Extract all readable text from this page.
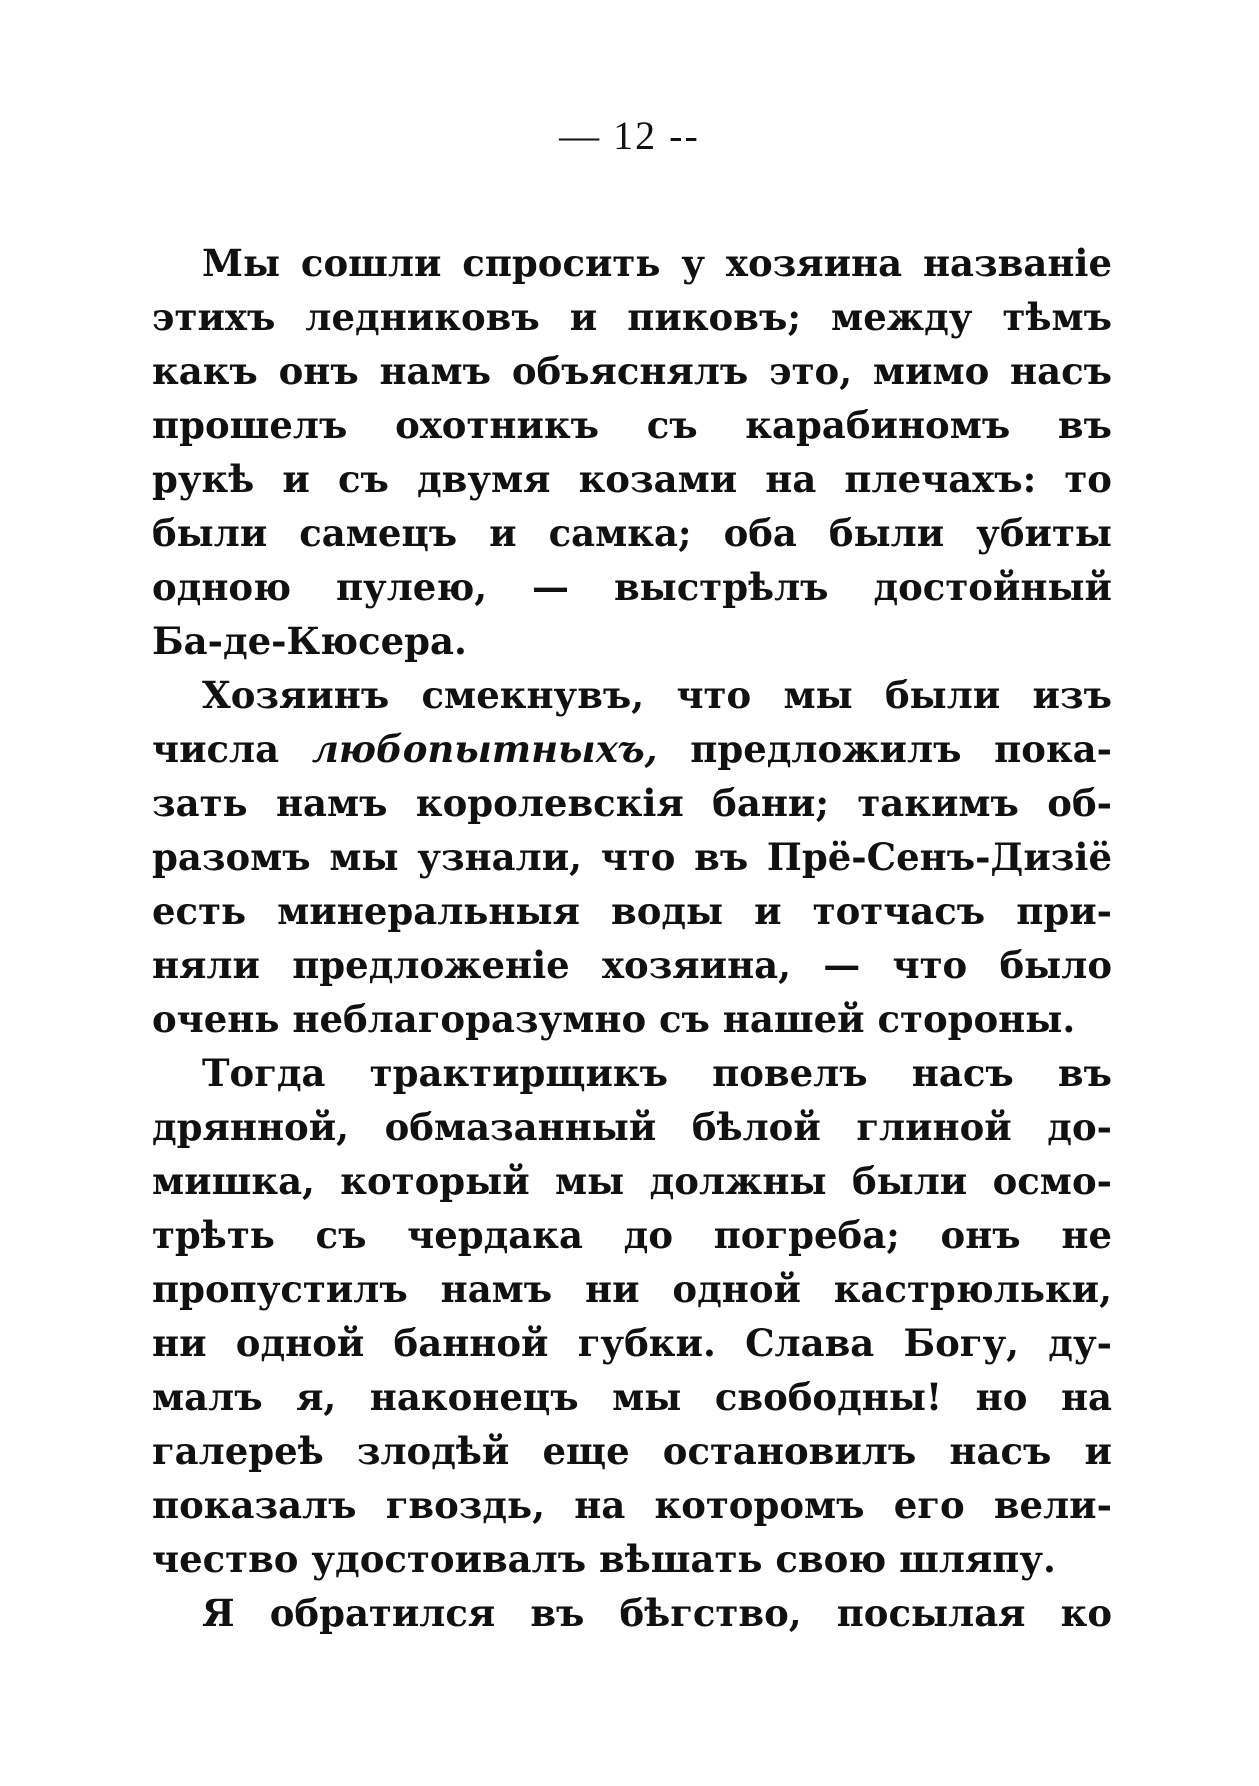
— 12 --
Мы сошли спросить у хозяина названіе
этихъ ледниковъ и пиковъ; между тѣмъ
какъ онъ намъ объяснялъ это, мимо насъ
прошелъ охотникъ съ карабиномъ въ
рукѣ и съ двумя козами на плечахъ: то
были самецъ и самка; оба были убиты
одною пулею, — выстрѣлъ достойный
Ба-де-Кюсера.
Хозяинъ смекнувъ, что мы были изъ
числа любопытныхъ, предложилъ пока-
зать намъ королевскія бани; такимъ об-
разомъ мы узнали, что въ Прё-Сенъ-Дизіё
есть минеральныя воды и тотчасъ при-
няли предложеніе хозяина, — что было
очень неблагоразумно съ нашей стороны.
Тогда трактирщикъ повелъ насъ въ
дрянной, обмазанный бѣлой глиной до-
мишка, который мы должны были осмо-
трѣть съ чердака до погреба; онъ не
пропустилъ намъ ни одной кастрюльки,
ни одной банной губки. Слава Богу, ду-
малъ я, наконецъ мы свободны! но на
галереѣ злодѣй еще остановилъ насъ и
показалъ гвоздь, на которомъ его вели-
чество удостоивалъ вѣшать свою шляпу.
Я обратился въ бѣгство, посылая ко
